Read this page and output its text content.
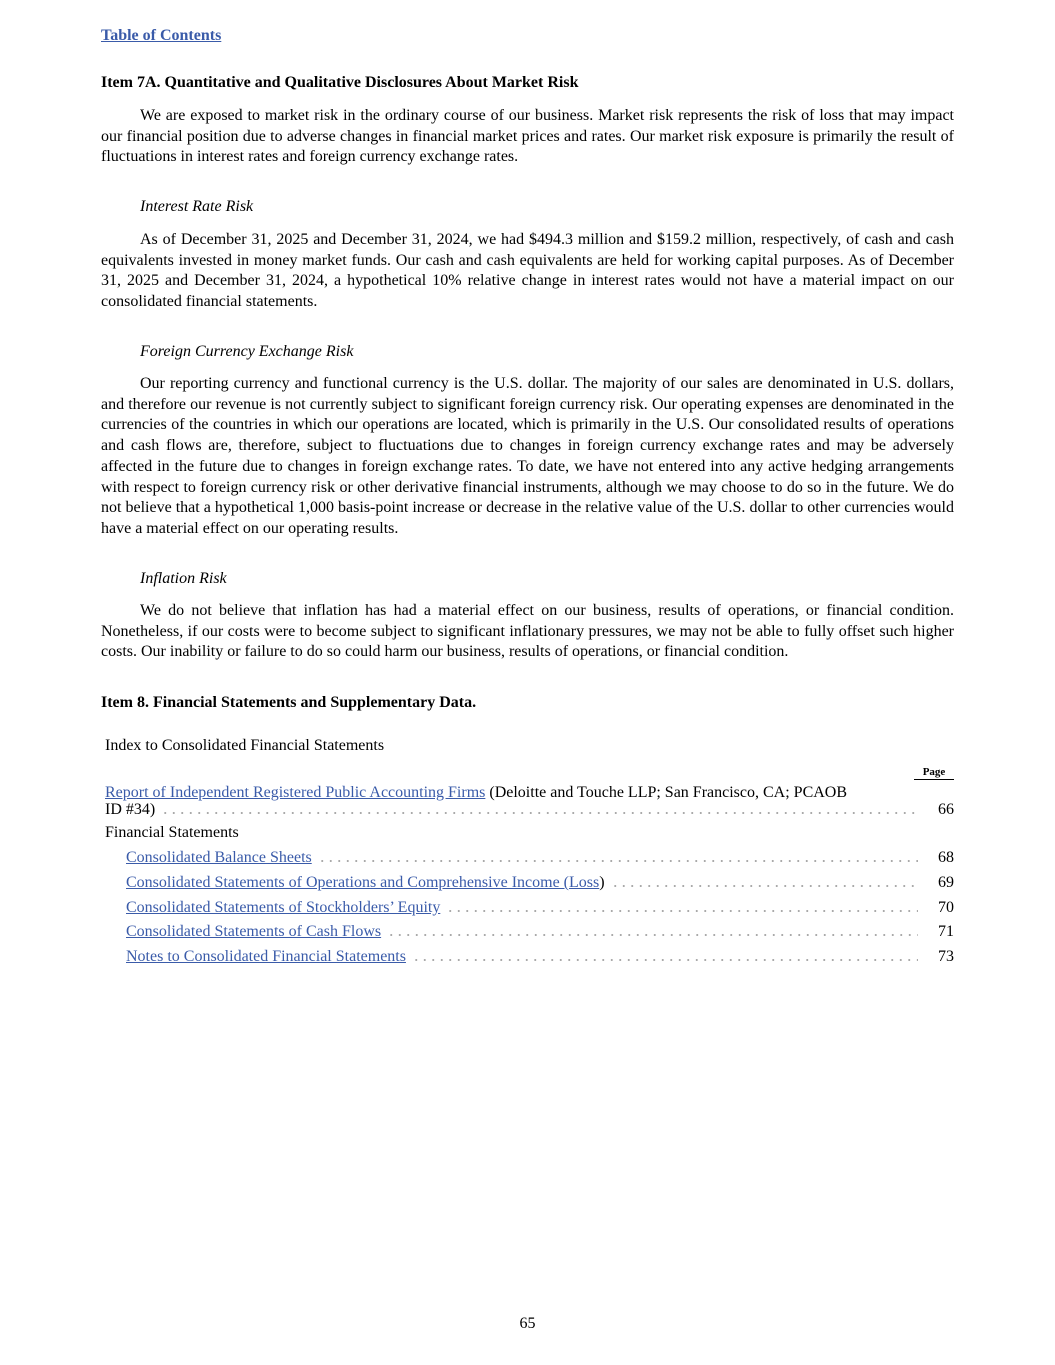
Table of Contents
Item 7A. Quantitative and Qualitative Disclosures About Market Risk

We are exposed to market risk in the ordinary course of our business. Market risk represents the risk of loss that may impact our financial position due to adverse changes in financial market prices and rates. Our market risk exposure is primarily the result of fluctuations in interest rates and foreign currency exchange rates.

Interest Rate Risk

As of December 31, 2025 and December 31, 2024, we had $494.3 million and $159.2 million, respectively, of cash and cash equivalents invested in money market funds. Our cash and cash equivalents are held for working capital purposes. As of December 31, 2025 and December 31, 2024, a hypothetical 10% relative change in interest rates would not have a material impact on our consolidated financial statements.

Foreign Currency Exchange Risk

Our reporting currency and functional currency is the U.S. dollar. The majority of our sales are denominated in U.S. dollars, and therefore our revenue is not currently subject to significant foreign currency risk. Our operating expenses are denominated in the currencies of the countries in which our operations are located, which is primarily in the U.S. Our consolidated results of operations and cash flows are, therefore, subject to fluctuations due to changes in foreign currency exchange rates and may be adversely affected in the future due to changes in foreign exchange rates. To date, we have not entered into any active hedging arrangements with respect to foreign currency risk or other derivative financial instruments, although we may choose to do so in the future. We do not believe that a hypothetical 1,000 basis-point increase or decrease in the relative value of the U.S. dollar to other currencies would have a material effect on our operating results.

Inflation Risk

We do not believe that inflation has had a material effect on our business, results of operations, or financial condition. Nonetheless, if our costs were to become subject to significant inflationary pressures, we may not be able to fully offset such higher costs. Our inability or failure to do so could harm our business, results of operations, or financial condition.

Item 8. Financial Statements and Supplementary Data.
Index to Consolidated Financial Statements
Page
Report of Independent Registered Public Accounting Firms (Deloitte and Touche LLP; San Francisco, CA; PCAOB
ID #34)	66
Financial Statements
Consolidated Balance Sheets	68
Consolidated Statements of Operations and Comprehensive Income (Loss )	69
Consolidated Statements of Stockholders’ Equity	70
Consolidated Statements of Cash Flows	71
Notes to Consolidated Financial Statements	73
65
